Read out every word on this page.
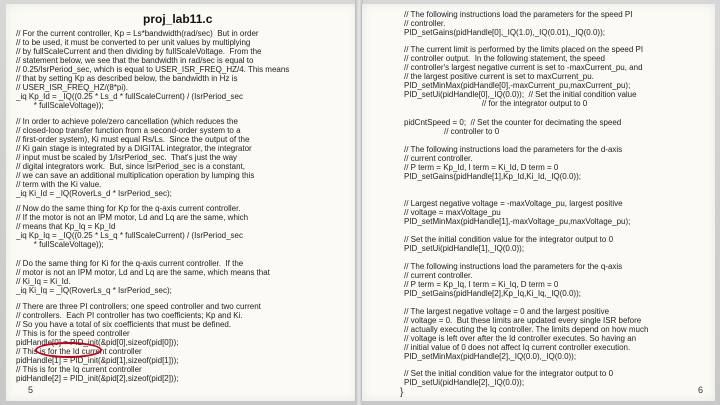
proj_lab11.c
// For the current controller, Kp = Ls*bandwidth(rad/sec)  But in order
// to be used, it must be converted to per unit values by multiplying
// by fullScaleCurrent and then dividing by fullScaleVoltage.  From the
// statement below, we see that the bandwidth in rad/sec is equal to
// 0.25/IsrPeriod_sec, which is equal to USER_ISR_FREQ_HZ/4. This means
// that by setting Kp as described below, the bandwidth in Hz is
// USER_ISR_FREQ_HZ/(8*pi).
_iq Kp_Id = _IQ((0.25 * Ls_d * fullScaleCurrent) / (IsrPeriod_sec
* fullScaleVoltage));
// In order to achieve pole/zero cancellation (which reduces the
// closed-loop transfer function from a second-order system to a
// first-order system), Ki must equal Rs/Ls.  Since the output of the
// Ki gain stage is integrated by a DIGITAL integrator, the integrator
// input must be scaled by 1/IsrPeriod_sec.  That's just the way
// digital integrators work.  But, since IsrPeriod_sec is a constant,
// we can save an additional multiplication operation by lumping this
// term with the Ki value.
_iq Ki_Id = _IQ(RoverLs_d * IsrPeriod_sec);
// Now do the same thing for Kp for the q-axis current controller.
// If the motor is not an IPM motor, Ld and Lq are the same, which
// means that Kp_Iq = Kp_Id
_iq Kp_Iq = _IQ((0.25 * Ls_q * fullScaleCurrent) / (IsrPeriod_sec
* fullScaleVoltage));
// Do the same thing for Ki for the q-axis current controller.  If the
// motor is not an IPM motor, Ld and Lq are the same, which means that
// Ki_Iq = Ki_Id.
_iq Ki_Iq = _IQ(RoverLs_q * IsrPeriod_sec);
// There are three PI controllers; one speed controller and two current
// controllers.  Each PI controller has two coefficients; Kp and Ki.
// So you have a total of six coefficients that must be defined.
// This is for the speed controller
pidHandle[0] = PID_init(&pid[0],sizeof(pid[0]));
// This is for the Id current controller
pidHandle[1] = PID_init(&pid[1],sizeof(pid[1]));
// This is for the Iq current controller
pidHandle[2] = PID_init(&pid[2],sizeof(pid[2]));
5
// The following instructions load the parameters for the speed PI
// controller.
PID_setGains(pidHandle[0],_IQ(1.0),_IQ(0.01),_IQ(0.0));
// The current limit is performed by the limits placed on the speed PI
// controller output.  In the following statement, the speed
// controller's largest negative current is set to -maxCurrent_pu, and
// the largest positive current is set to maxCurrent_pu.
PID_setMinMax(pidHandle[0],-maxCurrent_pu,maxCurrent_pu);
PID_setUi(pidHandle[0],_IQ(0.0));  // Set the initial condition value
// for the integrator output to 0
pidCntSpeed = 0;  // Set the counter for decimating the speed
// controller to 0
// The following instructions load the parameters for the d-axis
// current controller.
// P term = Kp_Id, I term = Ki_Id, D term = 0
PID_setGains(pidHandle[1],Kp_Id,Ki_Id,_IQ(0.0));
// Largest negative voltage = -maxVoltage_pu, largest positive
// voltage = maxVoltage_pu
PID_setMinMax(pidHandle[1],-maxVoltage_pu,maxVoltage_pu);
// Set the initial condition value for the integrator output to 0
PID_setUi(pidHandle[1],_IQ(0.0));
// The following instructions load the parameters for the q-axis
// current controller.
// P term = Kp_Iq, I term = Ki_Iq, D term = 0
PID_setGains(pidHandle[2],Kp_Iq,Ki_Iq,_IQ(0.0));
// The largest negative voltage = 0 and the largest positive
// voltage = 0.  But these limits are updated every single ISR before
// actually executing the Iq controller. The limits depend on how much
// voltage is left over after the Id controller executes. So having an
// initial value of 0 does not affect Iq current controller execution.
PID_setMinMax(pidHandle[2],_IQ(0.0),_IQ(0.0));
// Set the initial condition value for the integrator output to 0
PID_setUi(pidHandle[2],_IQ(0.0));
}	6
